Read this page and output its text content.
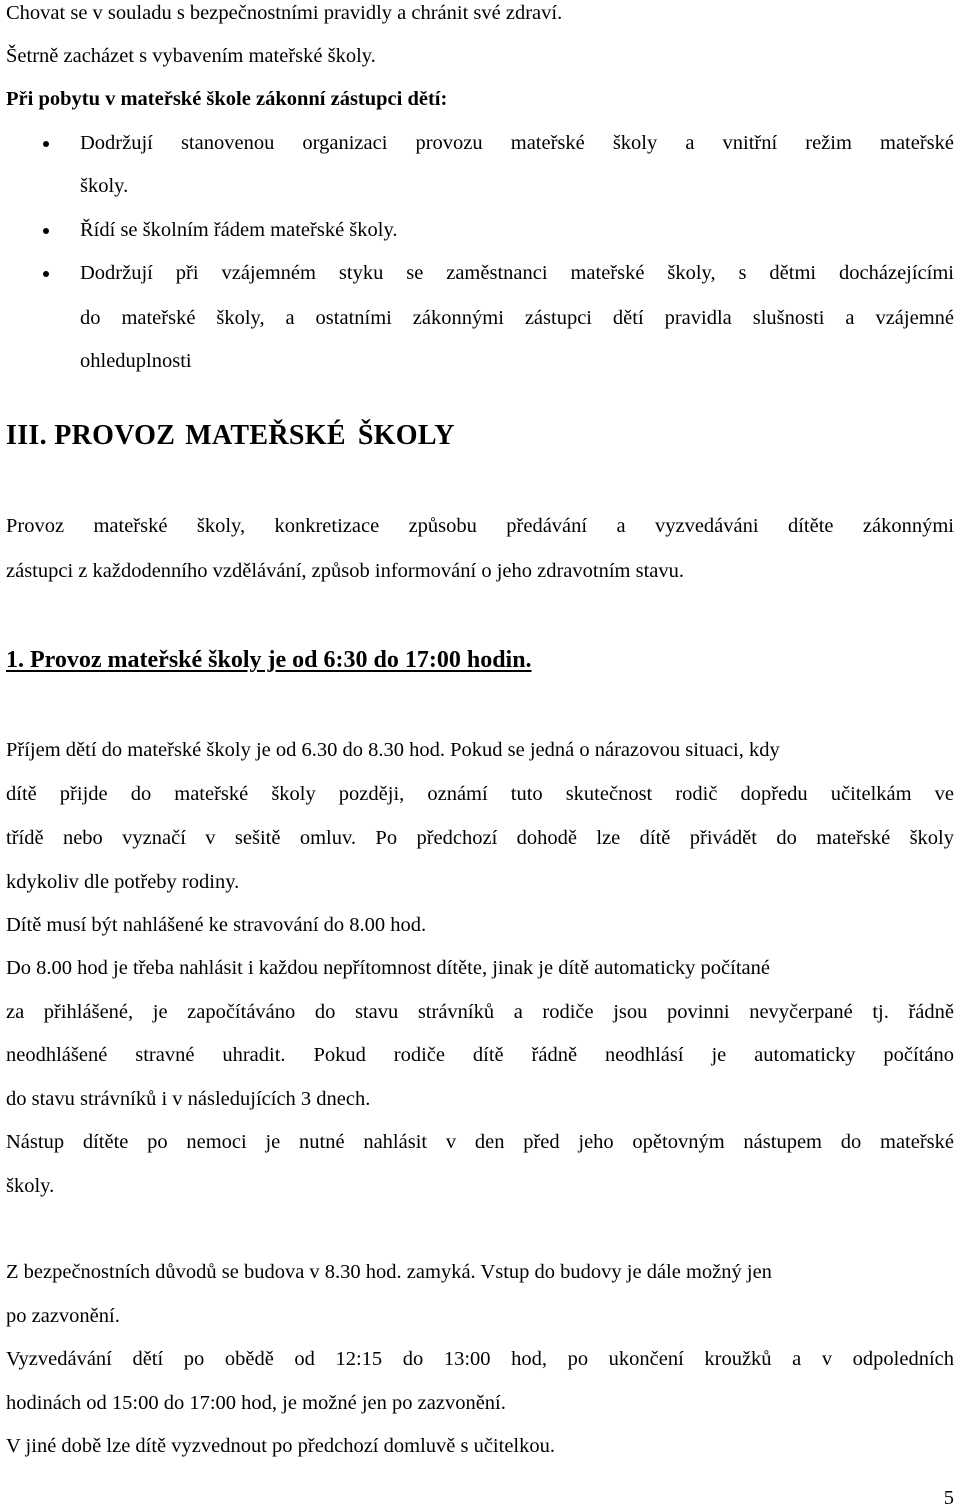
Chovat se v souladu s bezpečnostními pravidly a chránit své zdraví.
Šetrně zacházet s vybavením mateřské školy.
Při pobytu v mateřské škole zákonní zástupci dětí:
Dodržují stanovenou organizaci provozu mateřské školy a vnitřní režim mateřské
školy.
Řídí se školním řádem mateřské školy.
Dodržují při vzájemném styku se zaměstnanci mateřské školy, s dětmi docházejícími
do mateřské školy, a ostatními zákonnými zástupci dětí pravidla slušnosti a vzájemné
ohleduplnosti
III. PROVOZ MATEŘSKÉ ŠKOLY
Provoz mateřské školy, konkretizace způsobu předávání a vyzvedáváni dítěte zákonnými
zástupci z každodenního vzdělávání, způsob informování o jeho zdravotním stavu.
1. Provoz mateřské školy je od 6:30 do 17:00 hodin.
Příjem dětí do mateřské školy je od 6.30 do 8.30 hod. Pokud se jedná o nárazovou situaci, kdy
dítě přijde do mateřské školy později, oznámí tuto skutečnost rodič dopředu učitelkám ve
třídě nebo vyznačí v sešitě omluv. Po předchozí dohodě lze dítě přivádět do mateřské školy
kdykoliv dle potřeby rodiny.
Dítě musí být nahlášené ke stravování do 8.00 hod.
Do 8.00 hod je třeba nahlásit i každou nepřítomnost dítěte, jinak je dítě automaticky počítané
za přihlášené, je započítáváno do stavu strávníků a rodiče jsou povinni nevyčerpané tj. řádně
neodhlášené stravné uhradit. Pokud rodiče dítě řádně neodhlásí je automaticky počítáno
do stavu strávníků i v následujících 3 dnech.
Nástup dítěte po nemoci je nutné nahlásit v den před jeho opětovným nástupem do mateřské
školy.
Z bezpečnostních důvodů se budova v 8.30 hod. zamyká. Vstup do budovy je dále možný jen
po zazvonění.
Vyzvedávání dětí po obědě od 12:15 do 13:00 hod, po ukončení kroužků a v odpoledních
hodinách od 15:00 do 17:00 hod, je možné jen po zazvonění.
V jiné době lze dítě vyzvednout po předchozí domluvě s učitelkou.
5
